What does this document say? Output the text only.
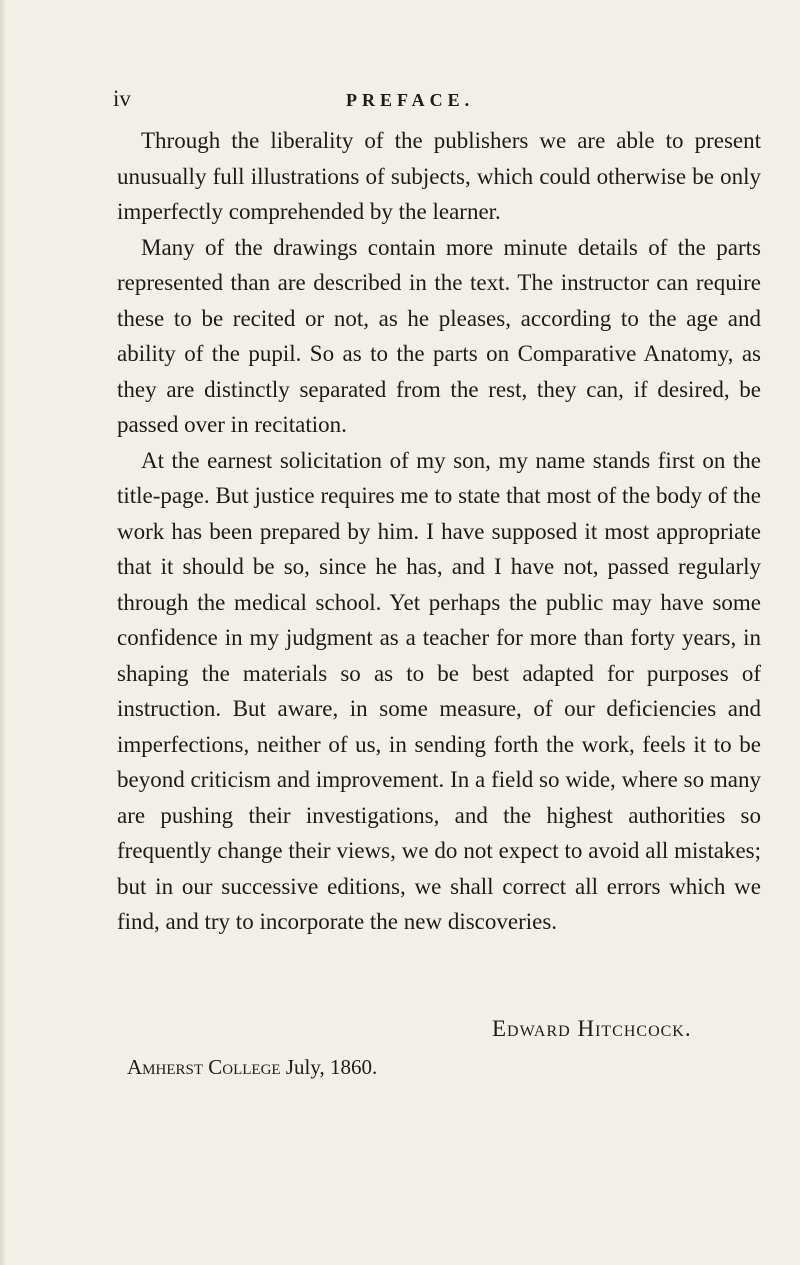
iv	PREFACE.

Through the liberality of the publishers we are able to present unusually full illustrations of subjects, which could otherwise be only imperfectly comprehended by the learner.

Many of the drawings contain more minute details of the parts represented than are described in the text. The instructor can require these to be recited or not, as he pleases, according to the age and ability of the pupil. So as to the parts on Comparative Anatomy, as they are distinctly separated from the rest, they can, if desired, be passed over in recitation.

At the earnest solicitation of my son, my name stands first on the title-page. But justice requires me to state that most of the body of the work has been prepared by him. I have supposed it most appropriate that it should be so, since he has, and I have not, passed regularly through the medical school. Yet perhaps the public may have some confidence in my judgment as a teacher for more than forty years, in shaping the materials so as to be best adapted for purposes of instruction. But aware, in some measure, of our deficiencies and imperfections, neither of us, in sending forth the work, feels it to be beyond criticism and improvement. In a field so wide, where so many are pushing their investigations, and the highest authorities so frequently change their views, we do not expect to avoid all mistakes; but in our successive editions, we shall correct all errors which we find, and try to incorporate the new discoveries.

Edward Hitchcock.
Amherst College July, 1860.
